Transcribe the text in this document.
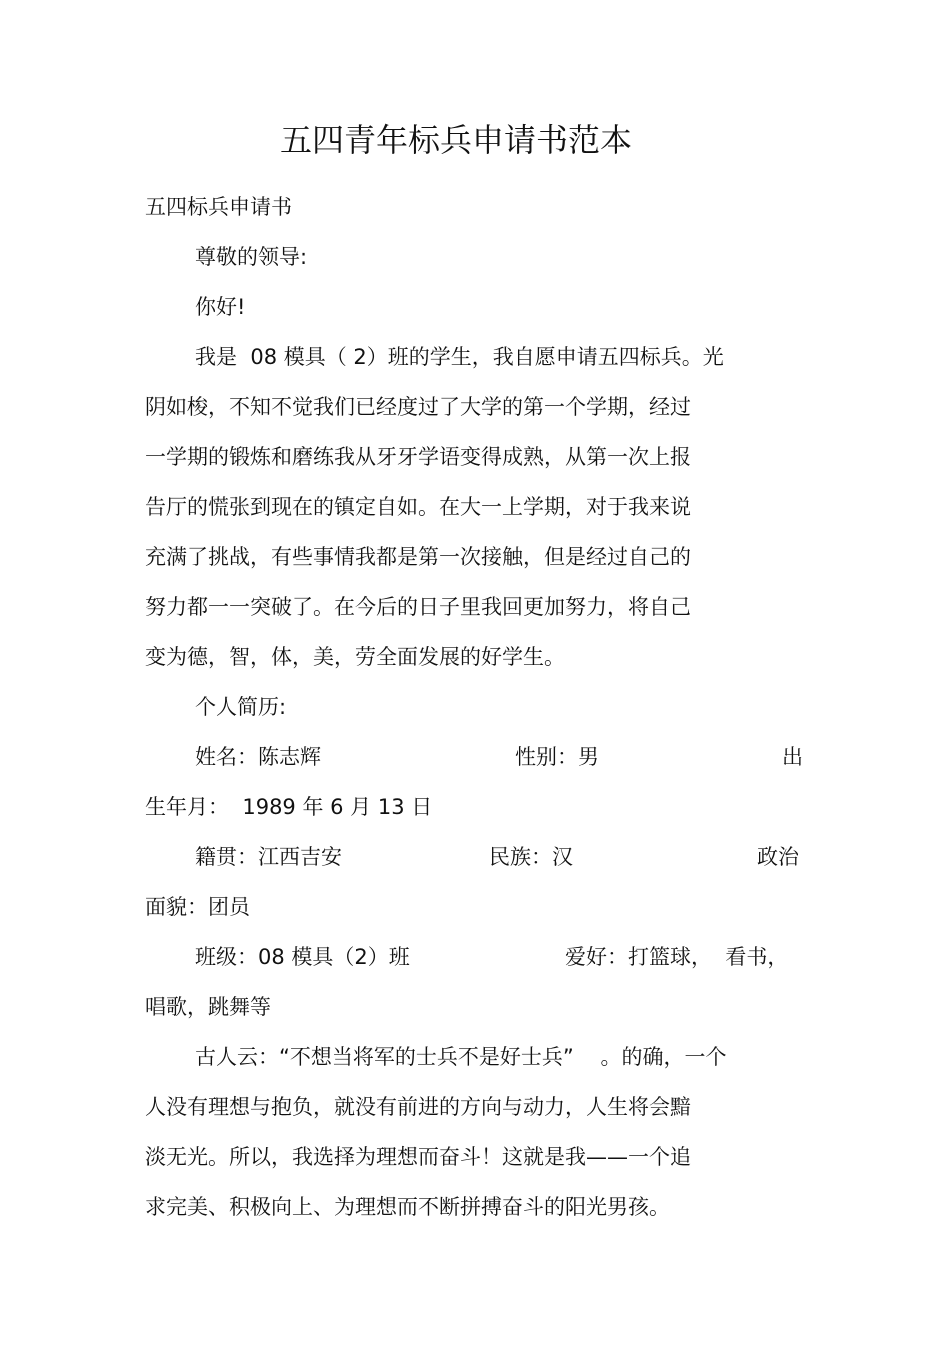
五四青年标兵申请书范本
五四标兵申请书
尊敬的领导:
你好!
我是  08 模具（ 2）班的学生，我自愿申请五四标兵。光
阴如梭，不知不觉我们已经度过了大学的第一个学期，经过
一学期的锻炼和磨练我从牙牙学语变得成熟，从第一次上报
告厅的慌张到现在的镇定自如。在大一上学期，对于我来说
充满了挑战，有些事情我都是第一次接触，但是经过自己的
努力都一一突破了。在今后的日子里我回更加努力，将自己
变为德，智，体，美，劳全面发展的好学生。
个人简历:
姓名：陈志辉	性别：男	出
生年月：  1989 年 6 月 13 日
籍贯：江西吉安	民族：汉	政治
面貌：团员
班级：08 模具（2）班	爱好：打篮球，  看书，
唱歌，跳舞等
古人云：“不想当将军的士兵不是好士兵”    。的确，一个
人没有理想与抱负，就没有前进的方向与动力，人生将会黯
淡无光。所以，我选择为理想而奋斗！这就是我——一个追
求完美、积极向上、为理想而不断拼搏奋斗的阳光男孩。
